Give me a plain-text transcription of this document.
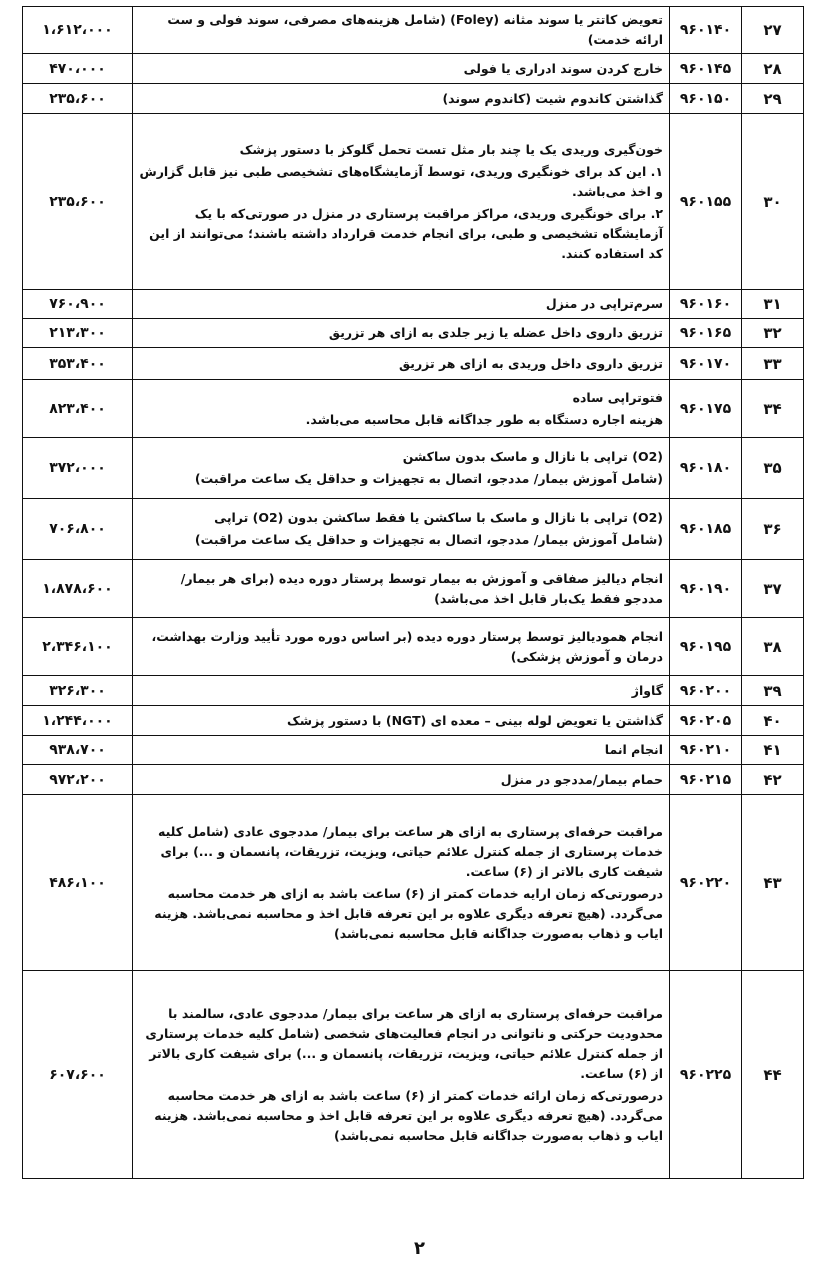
۲۷	۹۶۰۱۴۰	تعویض کاتتر یا سوند مثانه (Foley) (شامل هزینه‌های مصرفی، سوند فولی و ست ارائه خدمت)	۱،۶۱۲،۰۰۰
۲۸	۹۶۰۱۴۵	خارج کردن سوند ادراری یا فولی	۴۷۰،۰۰۰
۲۹	۹۶۰۱۵۰	گذاشتن کاندوم شیت (کاندوم سوند)	۲۳۵،۶۰۰
۳۰	۹۶۰۱۵۵	خون‌گیری وریدی یک یا چند بار مثل تست تحمل گلوکز با دستور پزشک
۱. این کد برای خونگیری وریدی، توسط آزمایشگاه‌های تشخیصی طبی نیز قابل گزارش و اخذ می‌باشد.
۲. برای خونگیری وریدی، مراکز مراقبت پرستاری در منزل در صورتی‌که با یک آزمایشگاه تشخیصی و طبی، برای انجام خدمت قرارداد داشته باشند؛ می‌توانند از این کد استفاده کنند.	۲۳۵،۶۰۰
۳۱	۹۶۰۱۶۰	سرم‌تراپی در منزل	۷۶۰،۹۰۰
۳۲	۹۶۰۱۶۵	تزریق داروی داخل عضله یا زیر جلدی به ازای هر تزریق	۲۱۳،۳۰۰
۳۳	۹۶۰۱۷۰	تزریق داروی داخل وریدی به ازای هر تزریق	۳۵۳،۴۰۰
۳۴	۹۶۰۱۷۵	فتوتراپی ساده
هزینه اجاره دستگاه به طور جداگانه قابل محاسبه می‌باشد.	۸۲۳،۴۰۰
۳۵	۹۶۰۱۸۰	(O2) تراپی با نازال و ماسک بدون ساکشن
(شامل آموزش بیمار/ مددجو، اتصال به تجهیزات و حداقل یک ساعت مراقبت)	۳۷۲،۰۰۰
۳۶	۹۶۰۱۸۵	(O2) تراپی با نازال و ماسک با ساکشن یا فقط ساکشن بدون (O2) تراپی
(شامل آموزش بیمار/ مددجو، اتصال به تجهیزات و حداقل یک ساعت مراقبت)	۷۰۶،۸۰۰
۳۷	۹۶۰۱۹۰	انجام دیالیز صفاقی و آموزش به بیمار توسط پرستار دوره دیده (برای هر بیمار/ مددجو فقط یک‌بار قابل اخذ می‌باشد)	۱،۸۷۸،۶۰۰
۳۸	۹۶۰۱۹۵	انجام همودیالیز توسط پرستار دوره دیده (بر اساس دوره مورد تأیید وزارت بهداشت، درمان و آموزش پزشکی)	۲،۳۴۶،۱۰۰
۳۹	۹۶۰۲۰۰	گاواژ	۳۲۶،۳۰۰
۴۰	۹۶۰۲۰۵	گذاشتن یا تعویض لوله بینی – معده ای (NGT) با دستور پزشک	۱،۲۴۴،۰۰۰
۴۱	۹۶۰۲۱۰	انجام انما	۹۳۸،۷۰۰
۴۲	۹۶۰۲۱۵	حمام بیمار/مددجو در منزل	۹۷۲،۲۰۰
۴۳	۹۶۰۲۲۰	مراقبت حرفه‌ای پرستاری به ازای هر ساعت برای بیمار/ مددجوی عادی (شامل کلیه خدمات پرستاری از جمله کنترل علائم حیاتی، ویزیت، تزریقات، پانسمان و ...) برای شیفت کاری بالاتر از (۶) ساعت.
درصورتی‌که زمان ارایه خدمات کمتر از (۶) ساعت باشد به ازای هر خدمت محاسبه می‌گردد. (هیچ تعرفه دیگری علاوه بر این تعرفه قابل اخذ و محاسبه نمی‌باشد. هزینه ایاب و ذهاب به‌صورت جداگانه قابل محاسبه نمی‌باشد)	۴۸۶،۱۰۰
۴۴	۹۶۰۲۲۵	مراقبت حرفه‌ای پرستاری به ازای هر ساعت برای بیمار/ مددجوی عادی، سالمند با محدودیت حرکتی و ناتوانی در انجام فعالیت‌های شخصی (شامل کلیه خدمات پرستاری از جمله کنترل علائم حیاتی، ویزیت، تزریقات، پانسمان و ...) برای شیفت کاری بالاتر از (۶) ساعت.
درصورتی‌که زمان ارائه خدمات کمتر از (۶) ساعت باشد به ازای هر خدمت محاسبه می‌گردد. (هیچ تعرفه دیگری علاوه بر این تعرفه قابل اخذ و محاسبه نمی‌باشد. هزینه ایاب و ذهاب به‌صورت جداگانه قابل محاسبه نمی‌باشد)	۶۰۷،۶۰۰
۲
